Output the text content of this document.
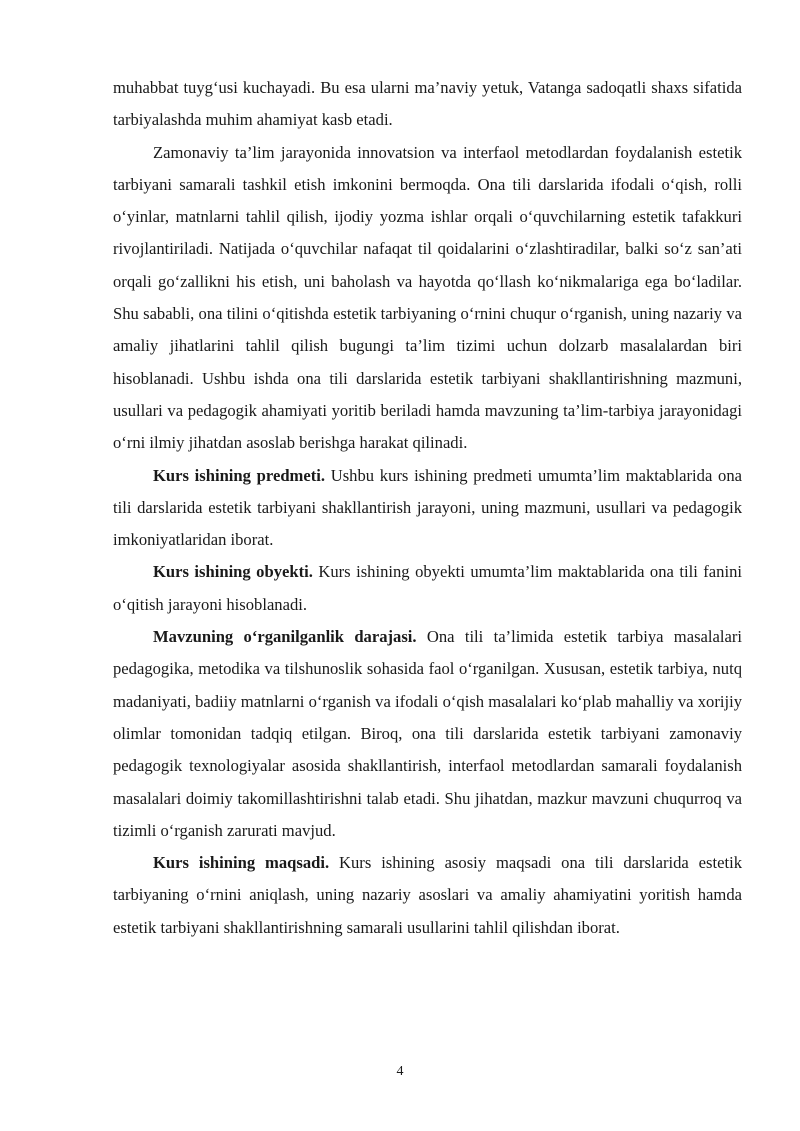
muhabbat tuyg‘usi kuchayadi. Bu esa ularni ma’naviy yetuk, Vatanga sadoqatli shaxs sifatida tarbiyalashda muhim ahamiyat kasb etadi.

Zamonaviy ta’lim jarayonida innovatsion va interfaol metodlardan foydalanish estetik tarbiyani samarali tashkil etish imkonini bermoqda. Ona tili darslarida ifodali o‘qish, rolli o‘yinlar, matnlarni tahlil qilish, ijodiy yozma ishlar orqali o‘quvchilarning estetik tafakkuri rivojlantiriladi. Natijada o‘quvchilar nafaqat til qoidalarini o‘zlashtiradilar, balki so‘z san’ati orqali go‘zallikni his etish, uni baholash va hayotda qo‘llash ko‘nikmalariga ega bo‘ladilar. Shu sababli, ona tilini o‘qitishda estetik tarbiyaning o‘rnini chuqur o‘rganish, uning nazariy va amaliy jihatlarini tahlil qilish bugungi ta’lim tizimi uchun dolzarb masalalardan biri hisoblanadi. Ushbu ishda ona tili darslarida estetik tarbiyani shakllantirishning mazmuni, usullari va pedagogik ahamiyati yoritib beriladi hamda mavzuning ta’lim-tarbiya jarayonidagi o‘rni ilmiy jihatdan asoslab berishga harakat qilinadi.

Kurs ishining predmeti. Ushbu kurs ishining predmeti umumta’lim maktablarida ona tili darslarida estetik tarbiyani shakllantirish jarayoni, uning mazmuni, usullari va pedagogik imkoniyatlaridan iborat.

Kurs ishining obyekti. Kurs ishining obyekti umumta’lim maktablarida ona tili fanini o‘qitish jarayoni hisoblanadi.

Mavzuning o‘rganilganlik darajasi. Ona tili ta’limida estetik tarbiya masalalari pedagogika, metodika va tilshunoslik sohasida faol o‘rganilgan. Xususan, estetik tarbiya, nutq madaniyati, badiiy matnlarni o‘rganish va ifodali o‘qish masalalari ko‘plab mahalliy va xorijiy olimlar tomonidan tadqiq etilgan. Biroq, ona tili darslarida estetik tarbiyani zamonaviy pedagogik texnologiyalar asosida shakllantirish, interfaol metodlardan samarali foydalanish masalalari doimiy takomillashtirishni talab etadi. Shu jihatdan, mazkur mavzuni chuqurroq va tizimli o‘rganish zarurati mavjud.

Kurs ishining maqsadi. Kurs ishining asosiy maqsadi ona tili darslarida estetik tarbiyaning o‘rnini aniqlash, uning nazariy asoslari va amaliy ahamiyatini yoritish hamda estetik tarbiyani shakllantirishning samarali usullarini tahlil qilishdan iborat.

4
